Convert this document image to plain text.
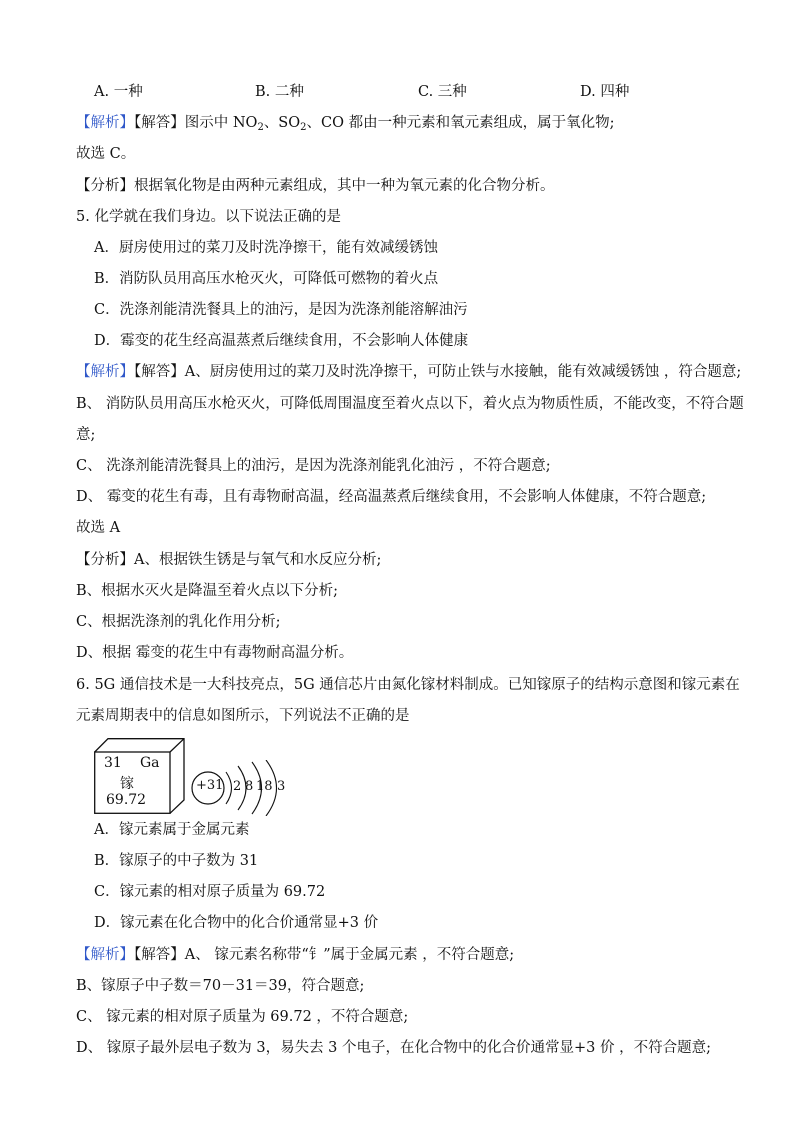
A. 一种	B. 二种	C. 三种	D. 四种
【解析】【解答】图示中 $NO_2$、$SO_2$、CO 都由一种元素和氧元素组成，属于氧化物;
故选 C。
【分析】根据氧化物是由两种元素组成，其中一种为氧元素的化合物分析。
5. 化学就在我们身边。以下说法正确的是
A．厨房使用过的菜刀及时洗净擦干，能有效减缓锈蚀
B．消防队员用高压水枪灭火，可降低可燃物的着火点
C．洗涤剂能清洗餐具上的油污，是因为洗涤剂能溶解油污
D．霉变的花生经高温蒸煮后继续食用，不会影响人体健康
【解析】【解答】A、厨房使用过的菜刀及时洗净擦干，可防止铁与水接触，能有效减缓锈蚀 ，符合题意;
B、 消防队员用高压水枪灭火，可降低周围温度至着火点以下，着火点为物质性质，不能改变，不符合题
意;
C、 洗涤剂能清洗餐具上的油污，是因为洗涤剂能乳化油污 ，不符合题意;
D、 霉变的花生有毒，且有毒物耐高温，经高温蒸煮后继续食用，不会影响人体健康，不符合题意;
故选 A
【分析】A、根据铁生锈是与氧气和水反应分析;
B、根据水灭火是降温至着火点以下分析;
C、根据洗涤剂的乳化作用分析;
D、根据 霉变的花生中有毒物耐高温分析。
6. 5G 通信技术是一大科技亮点，5G 通信芯片由氮化镓材料制成。已知镓原子的结构示意图和镓元素在
元素周期表中的信息如图所示，下列说法不正确的是
31 Ga
镓
69.72
+31 2 8 18 3
A．镓元素属于金属元素
B．镓原子的中子数为 31
C．镓元素的相对原子质量为 69.72
D．镓元素在化合物中的化合价通常显+3 价
【解析】【解答】A、 镓元素名称带“钅”属于金属元素 ，不符合题意;
B、镓原子中子数＝70－31＝39，符合题意;
C、 镓元素的相对原子质量为 69.72 ，不符合题意;
D、 镓原子最外层电子数为 3，易失去 3 个电子，在化合物中的化合价通常显+3 价 ，不符合题意;
